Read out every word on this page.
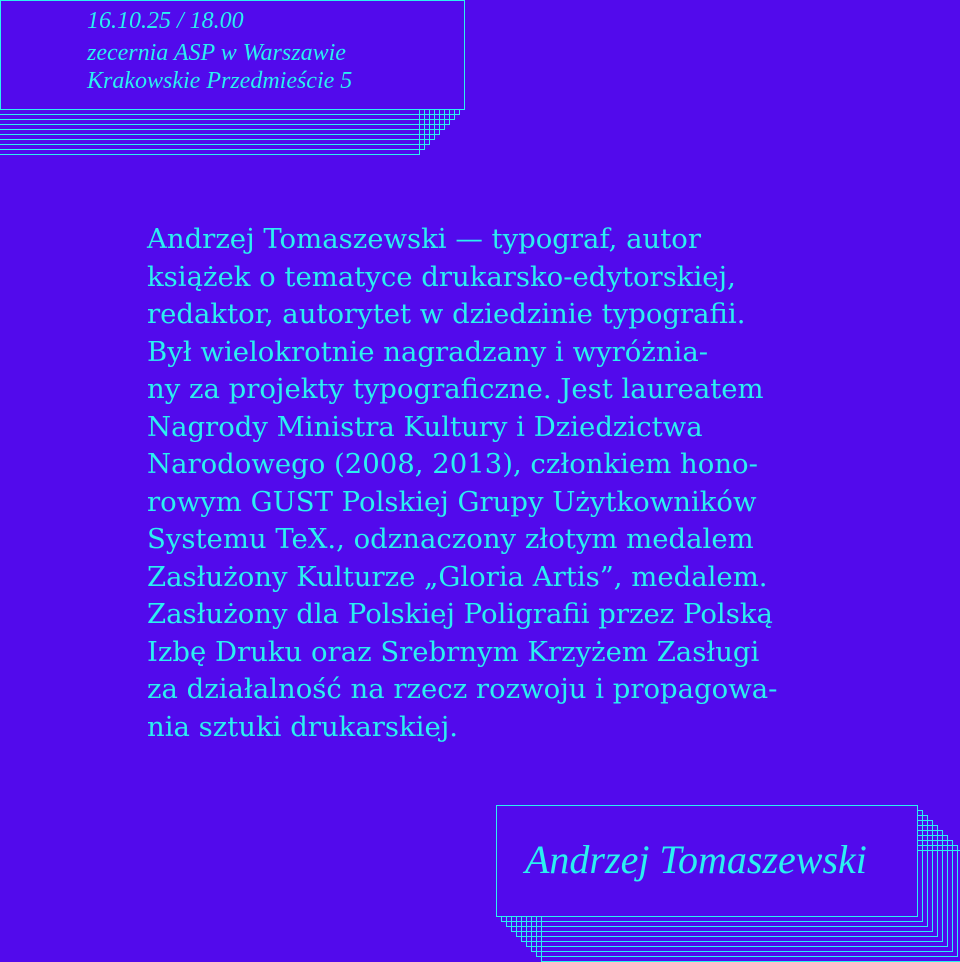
16.10.25 / 18.00
zecernia ASP w Warszawie
Krakowskie Przedmieście 5

Andrzej Tomaszewski — typograf, autor
książek o tematyce drukarsko-edytorskiej,
redaktor, autorytet w dziedzinie typografii.
Był wielokrotnie nagradzany i wyróżnia-
ny za projekty typograficzne. Jest laureatem
Nagrody Ministra Kultury i Dziedzictwa
Narodowego (2008, 2013), członkiem hono-
rowym GUST Polskiej Grupy Użytkowników
Systemu TeX., odznaczony złotym medalem
Zasłużony Kulturze „Gloria Artis”, medalem.
Zasłużony dla Polskiej Poligrafii przez Polską
Izbę Druku oraz Srebrnym Krzyżem Zasługi
za działalność na rzecz rozwoju i propagowa-
nia sztuki drukarskiej.

Andrzej Tomaszewski
